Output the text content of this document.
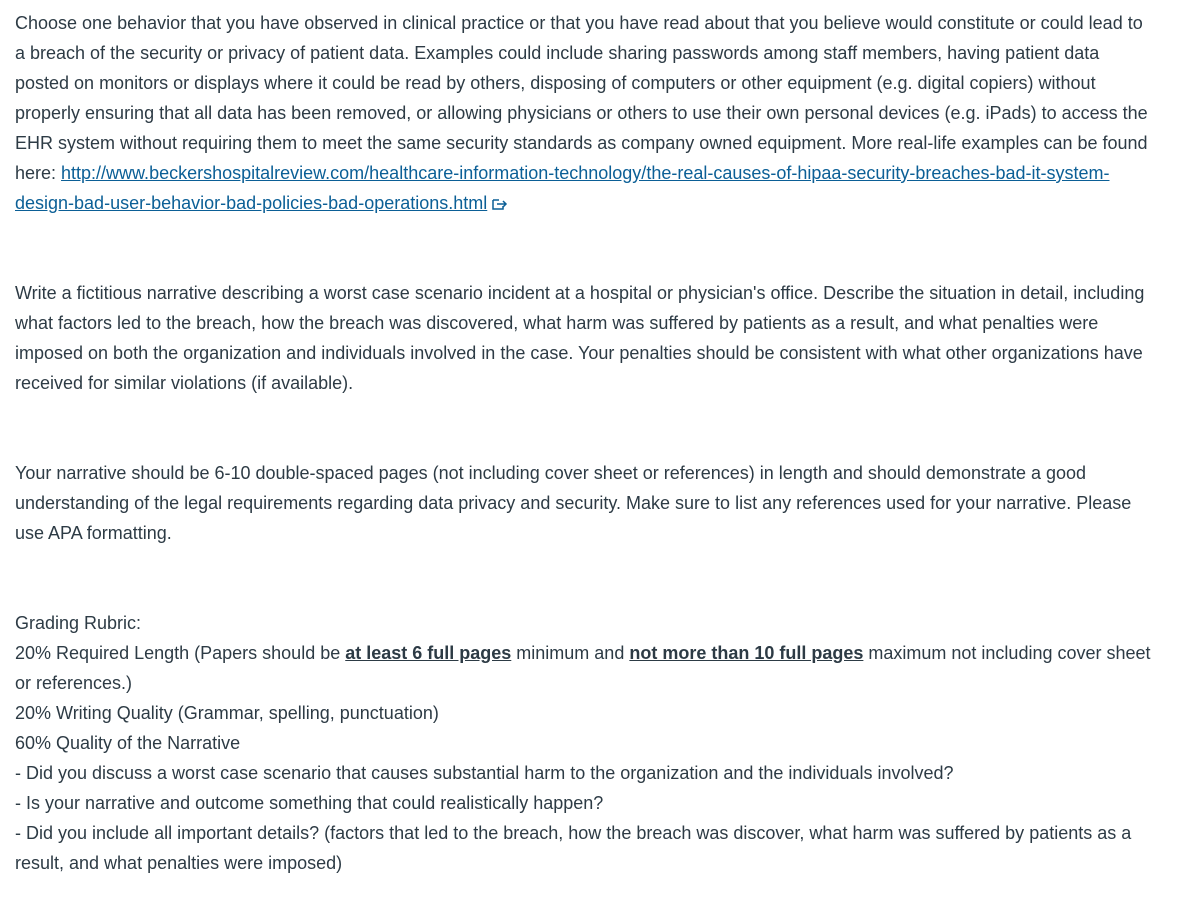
Choose one behavior that you have observed in clinical practice or that you have read about that you believe would constitute or could lead to a breach of the security or privacy of patient data. Examples could include sharing passwords among staff members, having patient data posted on monitors or displays where it could be read by others, disposing of computers or other equipment (e.g. digital copiers) without properly ensuring that all data has been removed, or allowing physicians or others to use their own personal devices (e.g. iPads) to access the EHR system without requiring them to meet the same security standards as company owned equipment. More real-life examples can be found here: http://www.beckershospitalreview.com/healthcare-information-technology/the-real-causes-of-hipaa-security-breaches-bad-it-system-design-bad-user-behavior-bad-policies-bad-operations.html

Write a fictitious narrative describing a worst case scenario incident at a hospital or physician's office. Describe the situation in detail, including what factors led to the breach, how the breach was discovered, what harm was suffered by patients as a result, and what penalties were imposed on both the organization and individuals involved in the case. Your penalties should be consistent with what other organizations have received for similar violations (if available).

Your narrative should be 6-10 double-spaced pages (not including cover sheet or references) in length and should demonstrate a good understanding of the legal requirements regarding data privacy and security. Make sure to list any references used for your narrative. Please use APA formatting.

Grading Rubric:

20% Required Length (Papers should be at least 6 full pages minimum and not more than 10 full pages maximum not including cover sheet or references.)

20% Writing Quality (Grammar, spelling, punctuation)

60% Quality of the Narrative

- Did you discuss a worst case scenario that causes substantial harm to the organization and the individuals involved?

- Is your narrative and outcome something that could realistically happen?

- Did you include all important details? (factors that led to the breach, how the breach was discover, what harm was suffered by patients as a result, and what penalties were imposed)
